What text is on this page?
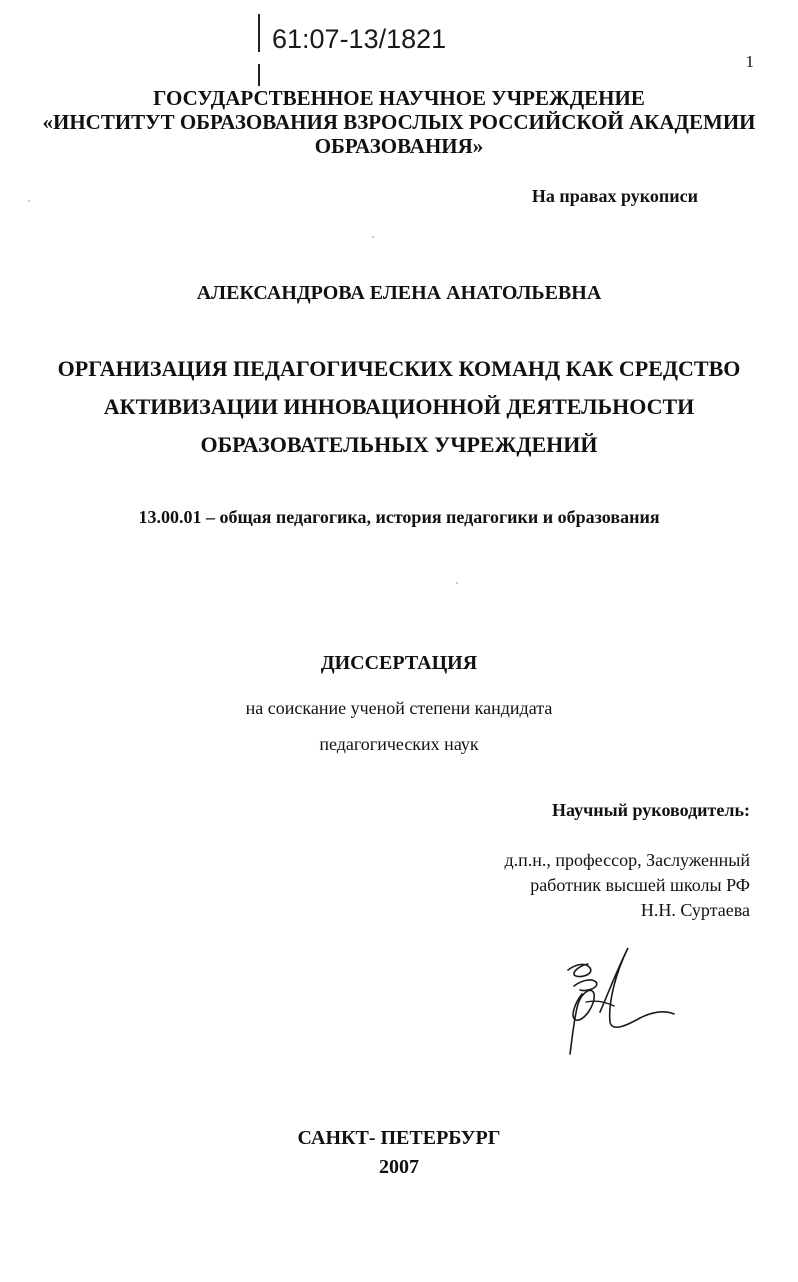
61:07-13/1821
1
ГОСУДАРСТВЕННОЕ НАУЧНОЕ УЧРЕЖДЕНИЕ
«ИНСТИТУТ ОБРАЗОВАНИЯ ВЗРОСЛЫХ РОССИЙСКОЙ АКАДЕМИИ
ОБРАЗОВАНИЯ»
На правах рукописи
АЛЕКСАНДРОВА ЕЛЕНА АНАТОЛЬЕВНА
ОРГАНИЗАЦИЯ ПЕДАГОГИЧЕСКИХ КОМАНД КАК СРЕДСТВО
АКТИВИЗАЦИИ ИННОВАЦИОННОЙ ДЕЯТЕЛЬНОСТИ
ОБРАЗОВАТЕЛЬНЫХ УЧРЕЖДЕНИЙ
13.00.01 – общая педагогика, история педагогики и образования
ДИССЕРТАЦИЯ
на соискание ученой степени кандидата
педагогических наук
Научный руководитель:
д.п.н., профессор, Заслуженный
работник высшей школы РФ
Н.Н. Суртаева
САНКТ- ПЕТЕРБУРГ
2007
